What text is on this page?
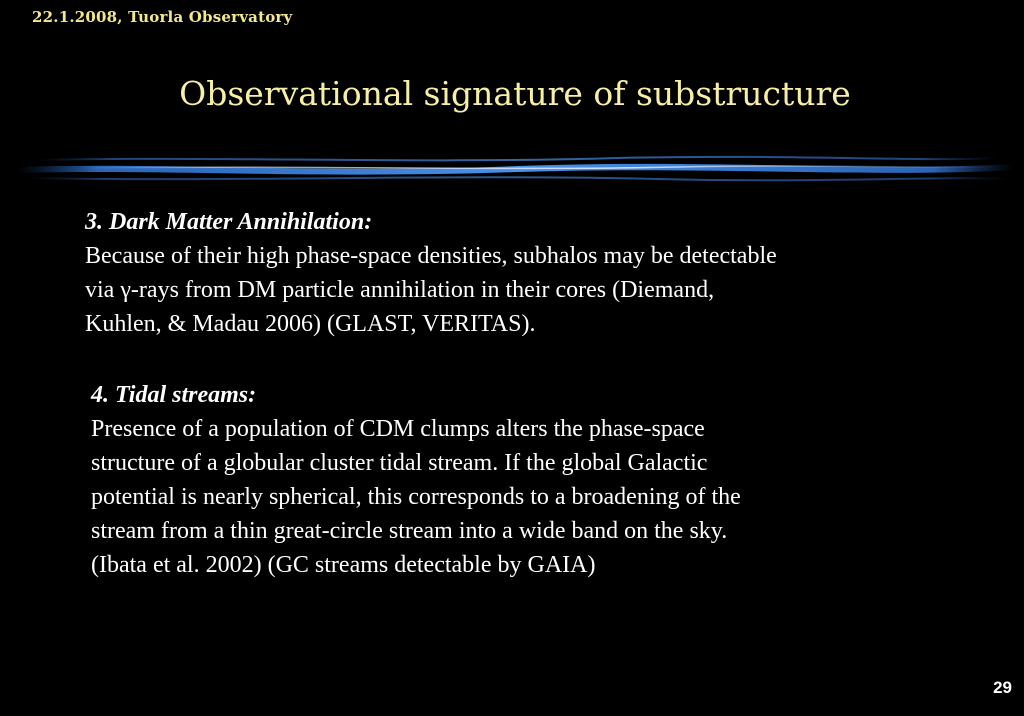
22.1.2008, Tuorla Observatory
Observational signature of substructure
3. Dark Matter Annihilation:
Because of their high phase-space densities, subhalos may be detectable
via γ-rays from DM particle annihilation in their cores (Diemand,
Kuhlen, & Madau 2006) (GLAST, VERITAS).
4. Tidal streams:
Presence of a population of CDM clumps alters the phase-space
structure of a globular cluster tidal stream. If the global Galactic
potential is nearly spherical, this corresponds to a broadening of the
stream from a thin great-circle stream into a wide band on the sky.
(Ibata et al. 2002) (GC streams detectable by GAIA)
29
